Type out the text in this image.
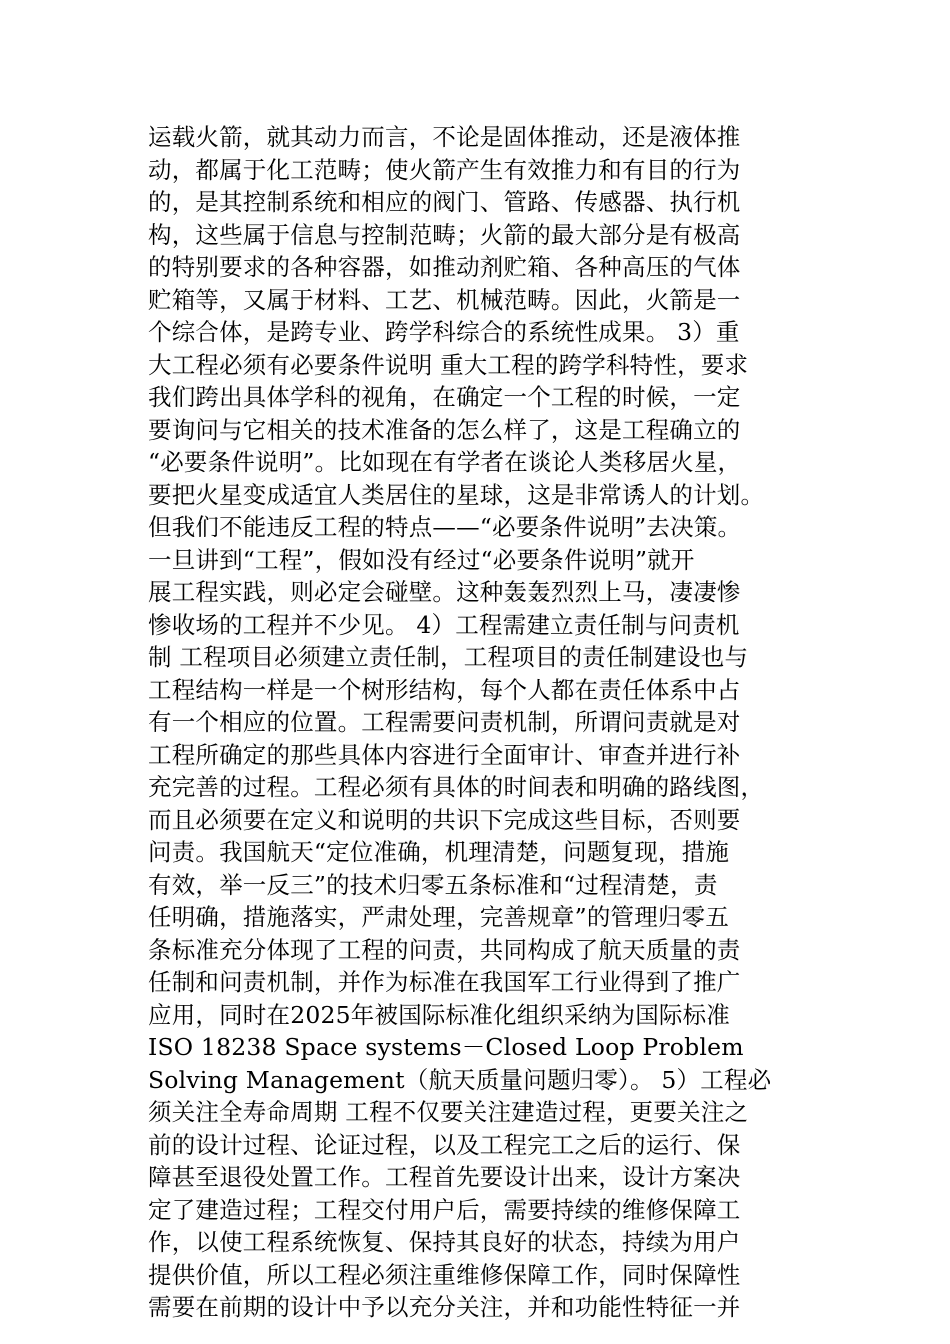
运载火箭，就其动力而言，不论是固体推动，还是液体推
动，都属于化工范畴；使火箭产生有效推力和有目的行为
的，是其控制系统和相应的阀门、管路、传感器、执行机
构，这些属于信息与控制范畴；火箭的最大部分是有极高
的特别要求的各种容器，如推动剂贮箱、各种高压的气体
贮箱等，又属于材料、工艺、机械范畴。因此，火箭是一
个综合体，是跨专业、跨学科综合的系统性成果。 3）重
大工程必须有必要条件说明 重大工程的跨学科特性，要求
我们跨出具体学科的视角，在确定一个工程的时候，一定
要询问与它相关的技术准备的怎么样了，这是工程确立的
“必要条件说明”。比如现在有学者在谈论人类移居火星，
要把火星变成适宜人类居住的星球，这是非常诱人的计划。
但我们不能违反工程的特点——“必要条件说明”去决策。
一旦讲到“工程”，假如没有经过“必要条件说明”就开
展工程实践，则必定会碰壁。这种轰轰烈烈上马，凄凄惨
惨收场的工程并不少见。 4）工程需建立责任制与问责机
制 工程项目必须建立责任制，工程项目的责任制建设也与
工程结构一样是一个树形结构，每个人都在责任体系中占
有一个相应的位置。工程需要问责机制，所谓问责就是对
工程所确定的那些具体内容进行全面审计、审查并进行补
充完善的过程。工程必须有具体的时间表和明确的路线图，
而且必须要在定义和说明的共识下完成这些目标，否则要
问责。我国航天“定位准确，机理清楚，问题复现，措施
有效，举一反三”的技术归零五条标准和“过程清楚，责
任明确，措施落实，严肃处理，完善规章”的管理归零五
条标准充分体现了工程的问责，共同构成了航天质量的责
任制和问责机制，并作为标准在我国军工行业得到了推广
应用，同时在2025年被国际标准化组织采纳为国际标准
ISO 18238 Space systems－Closed Loop Problem
Solving Management（航天质量问题归零）。 5）工程必
须关注全寿命周期 工程不仅要关注建造过程，更要关注之
前的设计过程、论证过程，以及工程完工之后的运行、保
障甚至退役处置工作。工程首先要设计出来，设计方案决
定了建造过程；工程交付用户后，需要持续的维修保障工
作，以使工程系统恢复、保持其良好的状态，持续为用户
提供价值，所以工程必须注重维修保障工作，同时保障性
需要在前期的设计中予以充分关注，并和功能性特征一并
